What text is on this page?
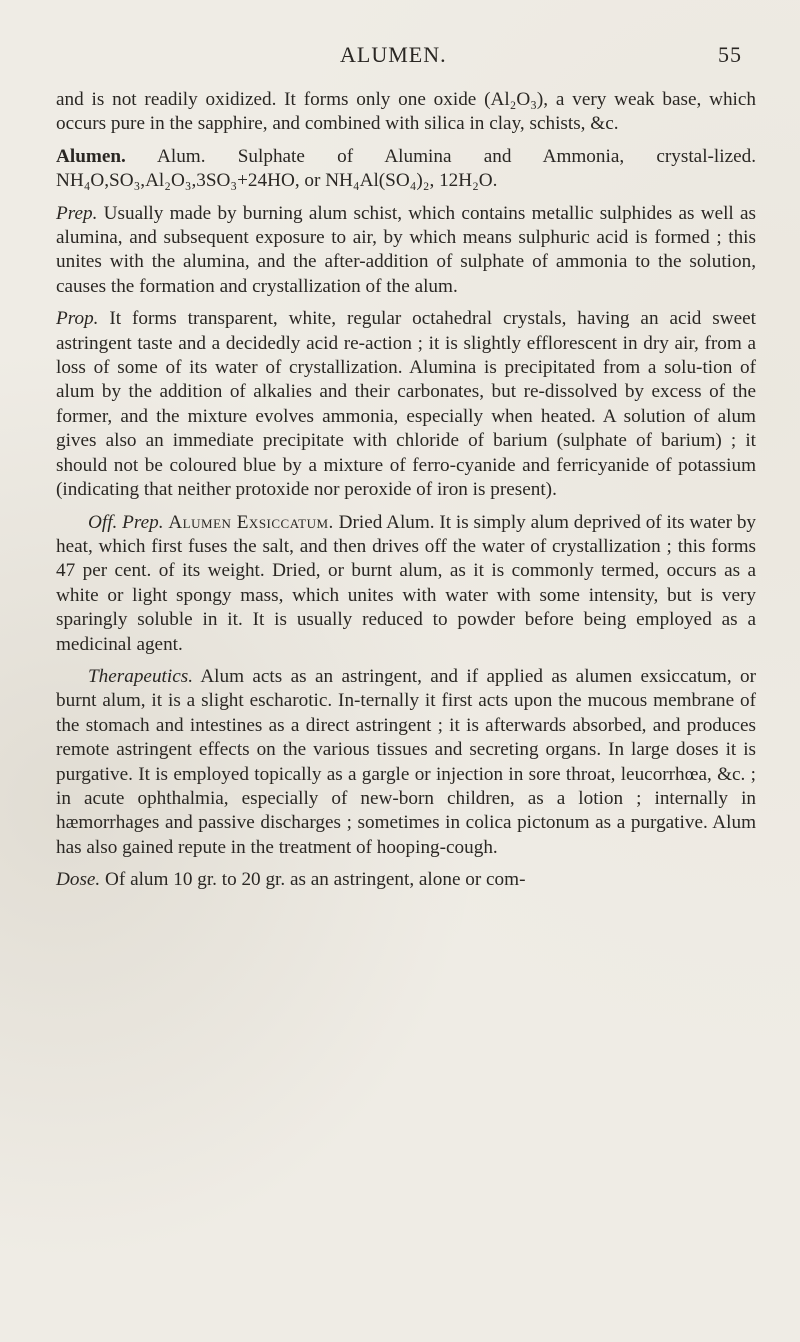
ALUMEN.	55

and is not readily oxidized. It forms only one oxide (Al₂O₃), a very weak base, which occurs pure in the sapphire, and combined with silica in clay, schists, &c.

Alumen. Alum. Sulphate of Alumina and Ammonia, crystal-lized. NH₄O,SO₃,Al₂O₃,3SO₃+24HO, or NH₄Al(SO₄)₂, 12H₂O.

Prep. Usually made by burning alum schist, which contains metallic sulphides as well as alumina, and subsequent exposure to air, by which means sulphuric acid is formed ; this unites with the alumina, and the after-addition of sulphate of ammonia to the solution, causes the formation and crystallization of the alum.

Prop. It forms transparent, white, regular octahedral crystals, having an acid sweet astringent taste and a decidedly acid re-action ; it is slightly efflorescent in dry air, from a loss of some of its water of crystallization. Alumina is precipitated from a solu-tion of alum by the addition of alkalies and their carbonates, but re-dissolved by excess of the former, and the mixture evolves ammonia, especially when heated. A solution of alum gives also an immediate precipitate with chloride of barium (sulphate of barium) ; it should not be coloured blue by a mixture of ferro-cyanide and ferricyanide of potassium (indicating that neither protoxide nor peroxide of iron is present).

Off. Prep. Alumen Exsiccatum. Dried Alum. It is simply alum deprived of its water by heat, which first fuses the salt, and then drives off the water of crystallization ; this forms 47 per cent. of its weight. Dried, or burnt alum, as it is commonly termed, occurs as a white or light spongy mass, which unites with water with some intensity, but is very sparingly soluble in it. It is usually reduced to powder before being employed as a medicinal agent.

Therapeutics. Alum acts as an astringent, and if applied as alumen exsiccatum, or burnt alum, it is a slight escharotic. In-ternally it first acts upon the mucous membrane of the stomach and intestines as a direct astringent ; it is afterwards absorbed, and produces remote astringent effects on the various tissues and secreting organs. In large doses it is purgative. It is employed topically as a gargle or injection in sore throat, leucorrhœa, &c. ; in acute ophthalmia, especially of new-born children, as a lotion ; internally in hæmorrhages and passive discharges ; sometimes in colica pictonum as a purgative. Alum has also gained repute in the treatment of hooping-cough.

Dose. Of alum 10 gr. to 20 gr. as an astringent, alone or com-
